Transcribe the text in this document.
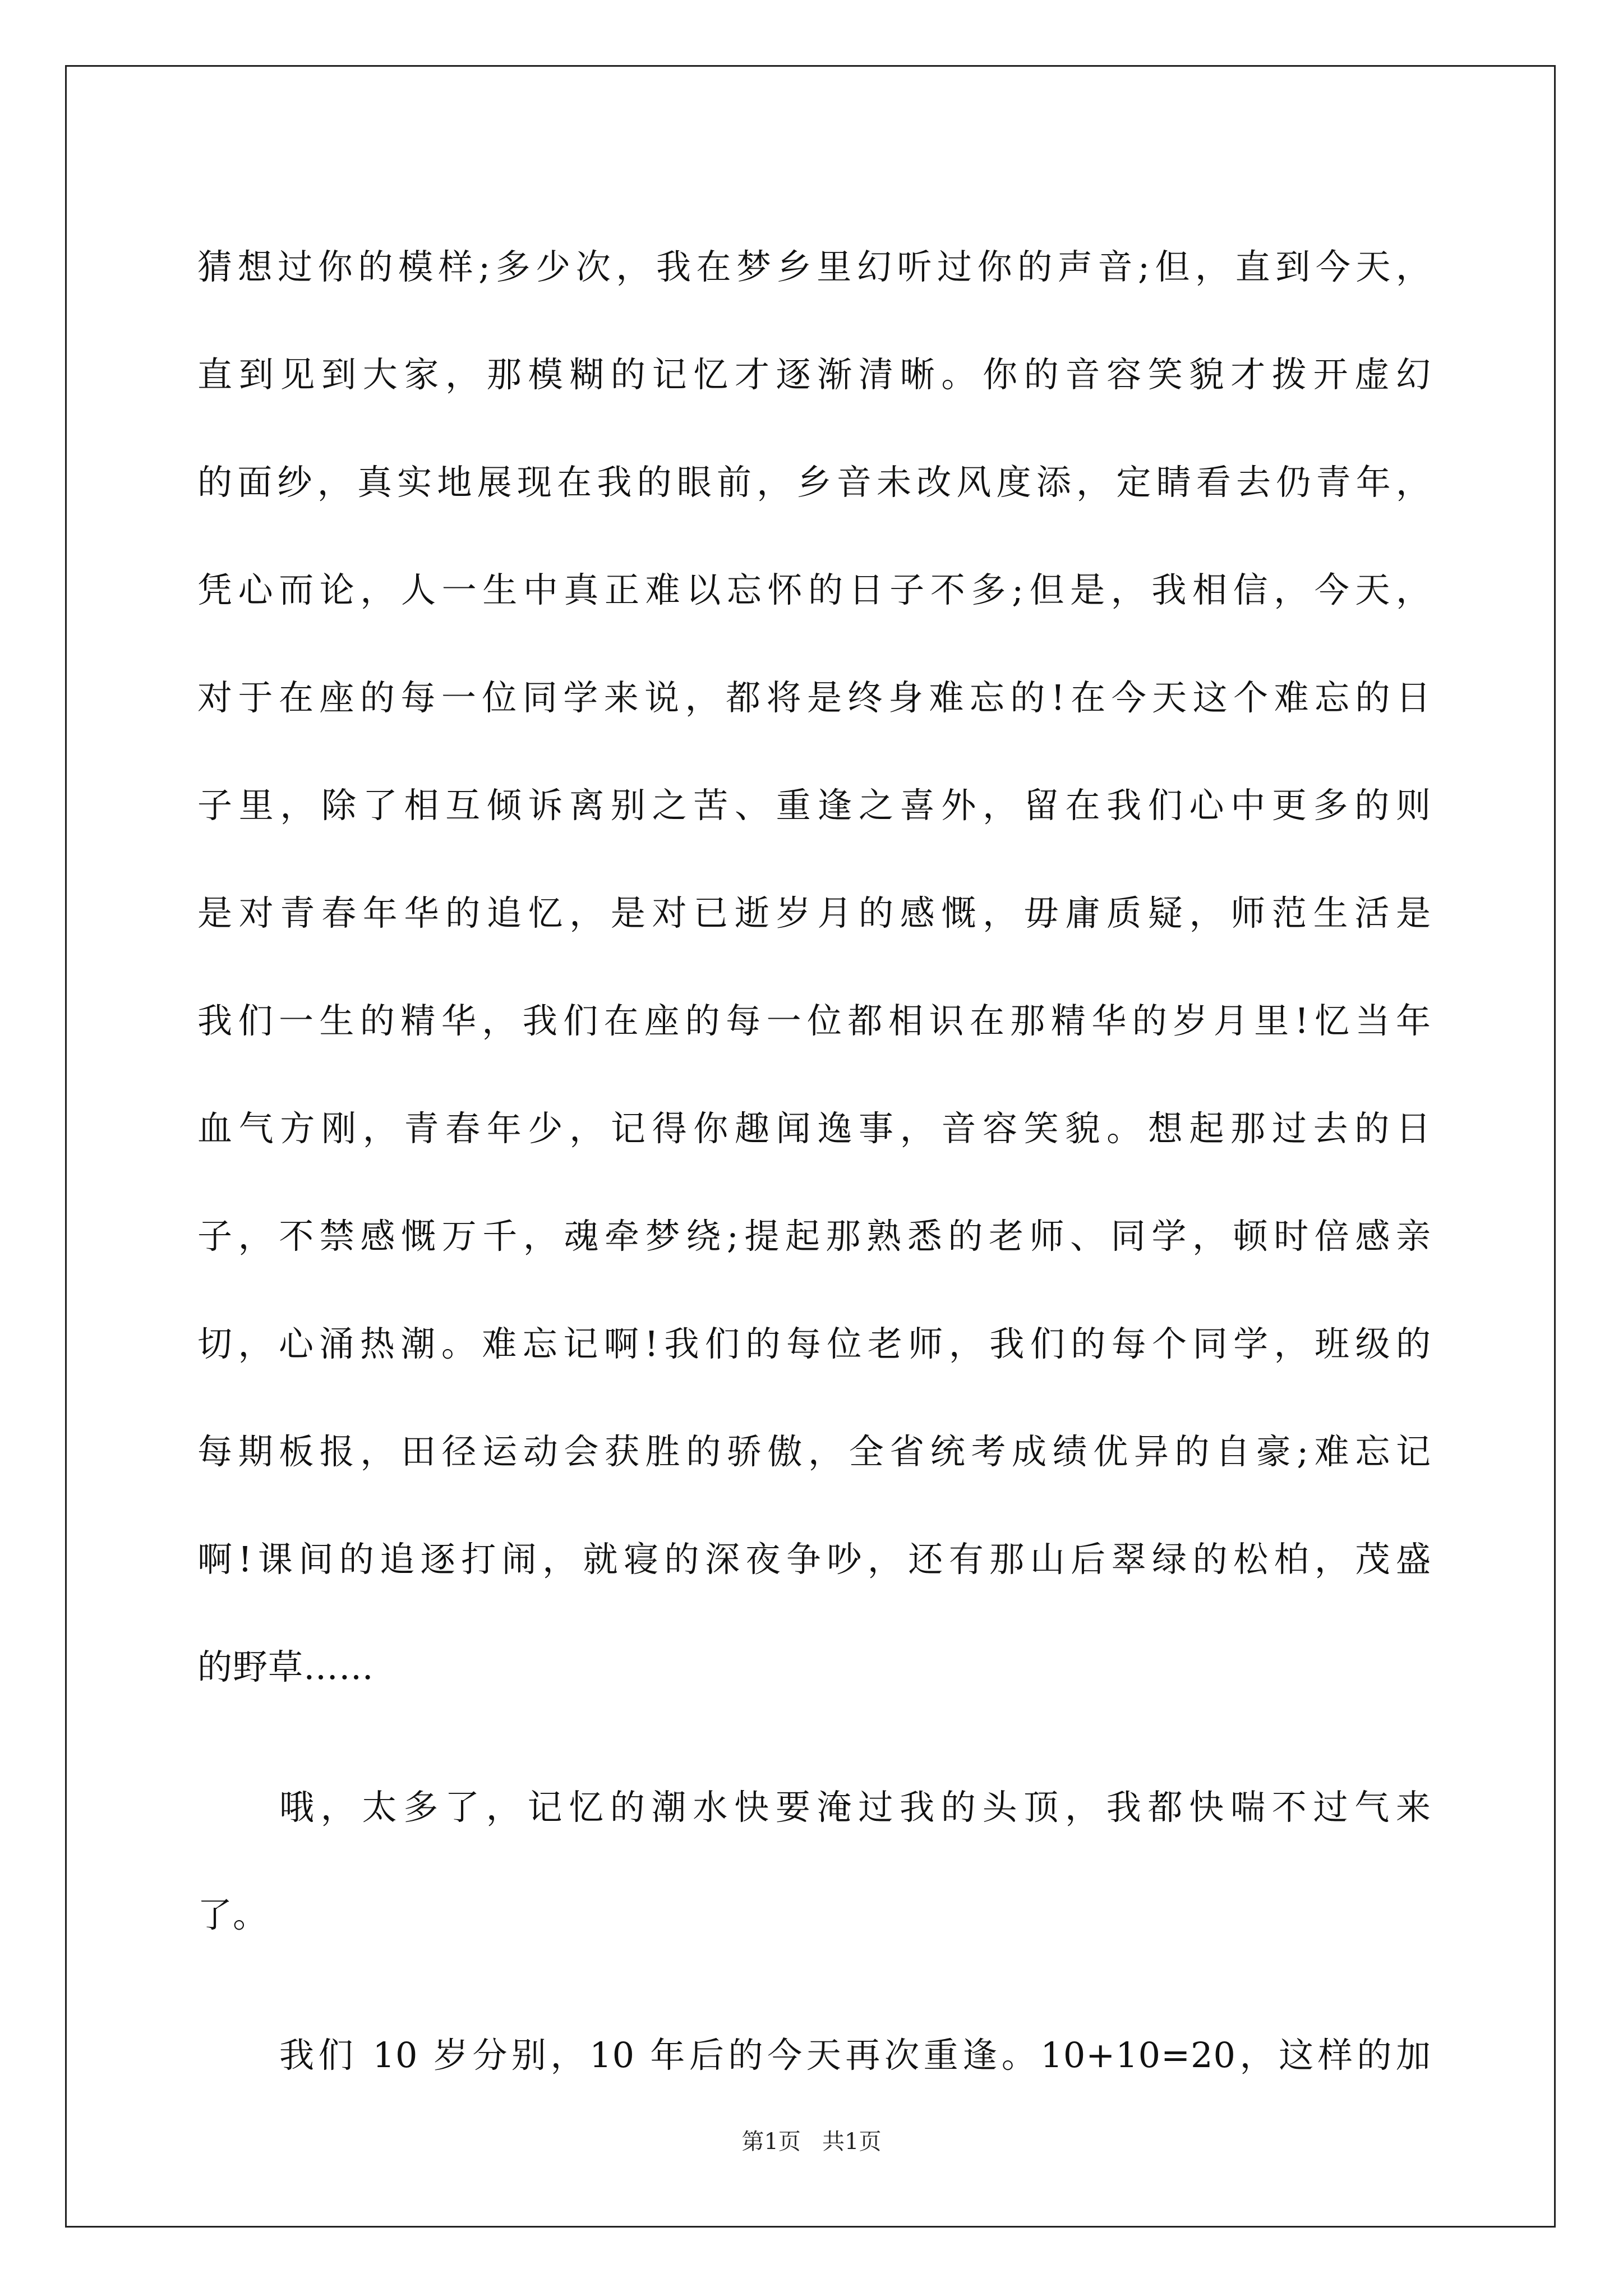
猜想过你的模样;多少次，我在梦乡里幻听过你的声音;但，直到今天，
直到见到大家，那模糊的记忆才逐渐清晰。你的音容笑貌才拨开虚幻
的面纱，真实地展现在我的眼前，乡音未改风度添，定睛看去仍青年，
凭心而论，人一生中真正难以忘怀的日子不多;但是，我相信，今天，
对于在座的每一位同学来说，都将是终身难忘的!在今天这个难忘的日
子里，除了相互倾诉离别之苦、重逢之喜外，留在我们心中更多的则
是对青春年华的追忆，是对已逝岁月的感慨，毋庸质疑，师范生活是
我们一生的精华，我们在座的每一位都相识在那精华的岁月里!忆当年
血气方刚，青春年少，记得你趣闻逸事，音容笑貌。想起那过去的日
子，不禁感慨万千，魂牵梦绕;提起那熟悉的老师、同学，顿时倍感亲
切，心涌热潮。难忘记啊!我们的每位老师，我们的每个同学，班级的
每期板报，田径运动会获胜的骄傲，全省统考成绩优异的自豪;难忘记
啊!课间的追逐打闹，就寝的深夜争吵，还有那山后翠绿的松柏，茂盛
的野草……
哦，太多了，记忆的潮水快要淹过我的头顶，我都快喘不过气来
了。
我们 10 岁分别，10 年后的今天再次重逢。10+10=20，这样的加
第1页   共1页
